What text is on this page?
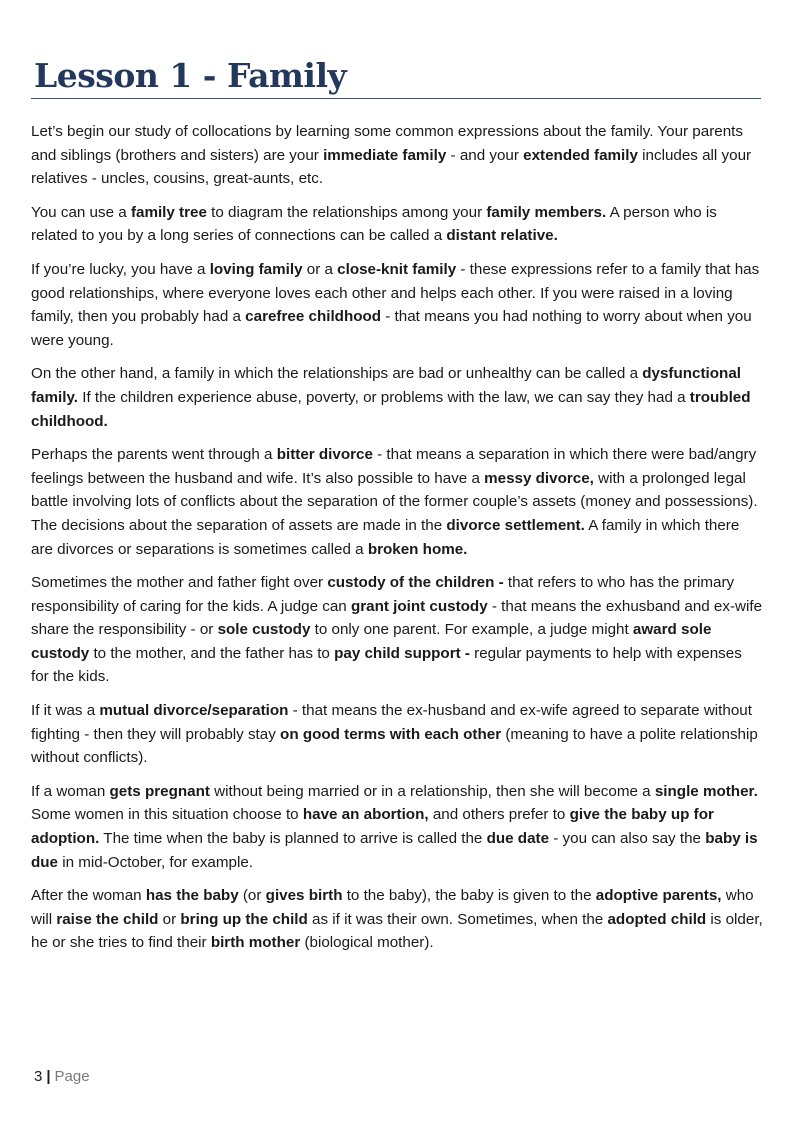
Lesson 1 - Family

Let’s begin our study of collocations by learning some common expressions about the family. Your parents and siblings (brothers and sisters) are your immediate family - and your extended family includes all your relatives - uncles, cousins, great-aunts, etc.

You can use a family tree to diagram the relationships among your family members. A person who is related to you by a long series of connections can be called a distant relative.

If you’re lucky, you have a loving family or a close-knit family - these expressions refer to a family that has good relationships, where everyone loves each other and helps each other. If you were raised in a loving family, then you probably had a carefree childhood - that means you had nothing to worry about when you were young.

On the other hand, a family in which the relationships are bad or unhealthy can be called a dysfunctional family. If the children experience abuse, poverty, or problems with the law, we can say they had a troubled childhood.

Perhaps the parents went through a bitter divorce - that means a separation in which there were bad/angry feelings between the husband and wife. It’s also possible to have a messy divorce, with a prolonged legal battle involving lots of conflicts about the separation of the former couple’s assets (money and possessions). The decisions about the separation of assets are made in the divorce settlement. A family in which there are divorces or separations is sometimes called a broken home.

Sometimes the mother and father fight over custody of the children - that refers to who has the primary responsibility of caring for the kids. A judge can grant joint custody - that means the exhusband and ex-wife share the responsibility - or sole custody to only one parent. For example, a judge might award sole custody to the mother, and the father has to pay child support - regular payments to help with expenses for the kids.

If it was a mutual divorce/separation - that means the ex-husband and ex-wife agreed to separate without fighting - then they will probably stay on good terms with each other (meaning to have a polite relationship without conflicts).

If a woman gets pregnant without being married or in a relationship, then she will become a single mother. Some women in this situation choose to have an abortion, and others prefer to give the baby up for adoption. The time when the baby is planned to arrive is called the due date - you can also say the baby is due in mid-October, for example.

After the woman has the baby (or gives birth to the baby), the baby is given to the adoptive parents, who will raise the child or bring up the child as if it was their own. Sometimes, when the adopted child is older, he or she tries to find their birth mother (biological mother).

3 | Page
